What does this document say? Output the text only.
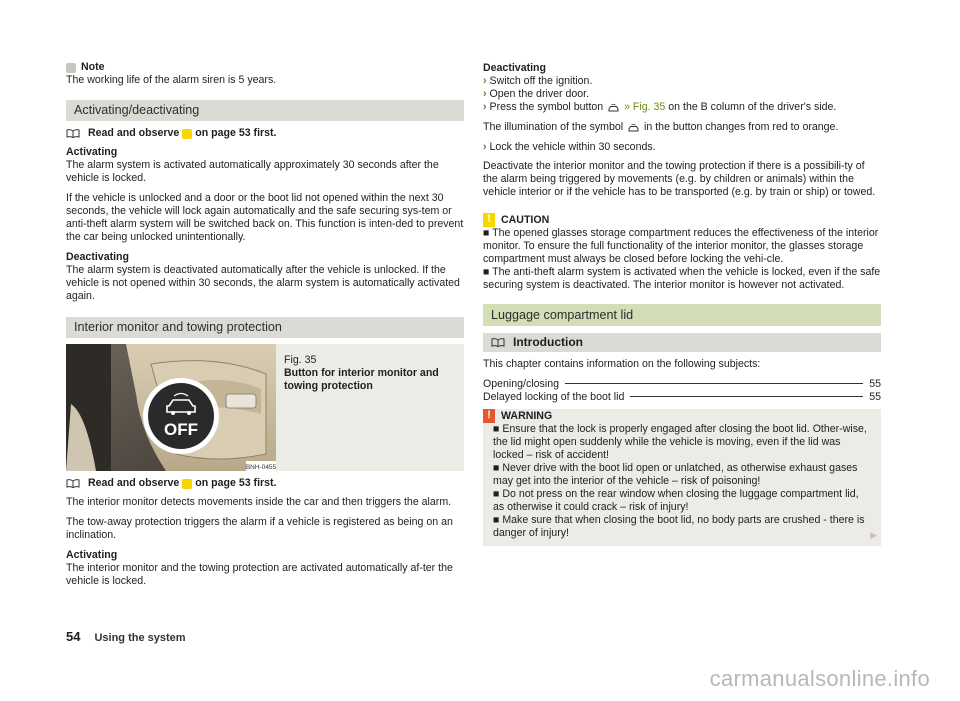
Note

The working life of the alarm siren is 5 years.

Activating/deactivating
Read and observe on page 53 first.

Activating
The alarm system is activated automatically approximately 30 seconds after the vehicle is locked.

If the vehicle is unlocked and a door or the boot lid not opened within the next 30 seconds, the vehicle will lock again automatically and the safe securing sys-tem or anti-theft alarm system will be switched back on. This function is inten-ded to prevent the car being unlocked unintentionally.

Deactivating
The alarm system is deactivated automatically after the vehicle is unlocked. If the vehicle is not opened within 30 seconds, the alarm system is automatically activated again.

Interior monitor and towing protection
OFF
BNH-0455
Fig. 35
Button for interior monitor and towing protection
Read and observe on page 53 first.

The interior monitor detects movements inside the car and then triggers the alarm.

The tow-away protection triggers the alarm if a vehicle is registered as being on an inclination.

Activating
The interior monitor and the towing protection are activated automatically af-ter the vehicle is locked.

Deactivating
› Switch off the ignition.
› Open the driver door.
› Press the symbol button » Fig. 35 on the B column of the driver's side.

The illumination of the symbol in the button changes from red to orange.

› Lock the vehicle within 30 seconds.

Deactivate the interior monitor and the towing protection if there is a possibili-ty of the alarm being triggered by movements (e.g. by children or animals) within the vehicle interior or if the vehicle has to be transported (e.g. by train or ship) or towed.

! CAUTION
■ The opened glasses storage compartment reduces the effectiveness of the interior monitor. To ensure the full functionality of the interior monitor, the glasses storage compartment must always be closed before locking the vehi-cle.
■ The anti-theft alarm system is activated when the vehicle is locked, even if the safe securing system is deactivated. The interior monitor is however not activated.
Luggage compartment lid
Introduction

This chapter contains information on the following subjects:

Opening/closing	55
Delayed locking of the boot lid	55
! WARNING
■ Ensure that the lock is properly engaged after closing the boot lid. Other-wise, the lid might open suddenly while the vehicle is moving, even if the lid was locked – risk of accident!
■ Never drive with the boot lid open or unlatched, as otherwise exhaust gases may get into the interior of the vehicle – risk of poisoning!
■ Do not press on the rear window when closing the luggage compartment lid, as otherwise it could crack – risk of injury!
■ Make sure that when closing the boot lid, no body parts are crushed - there is danger of injury!	▶
54 Using the system
carmanualsonline.info
